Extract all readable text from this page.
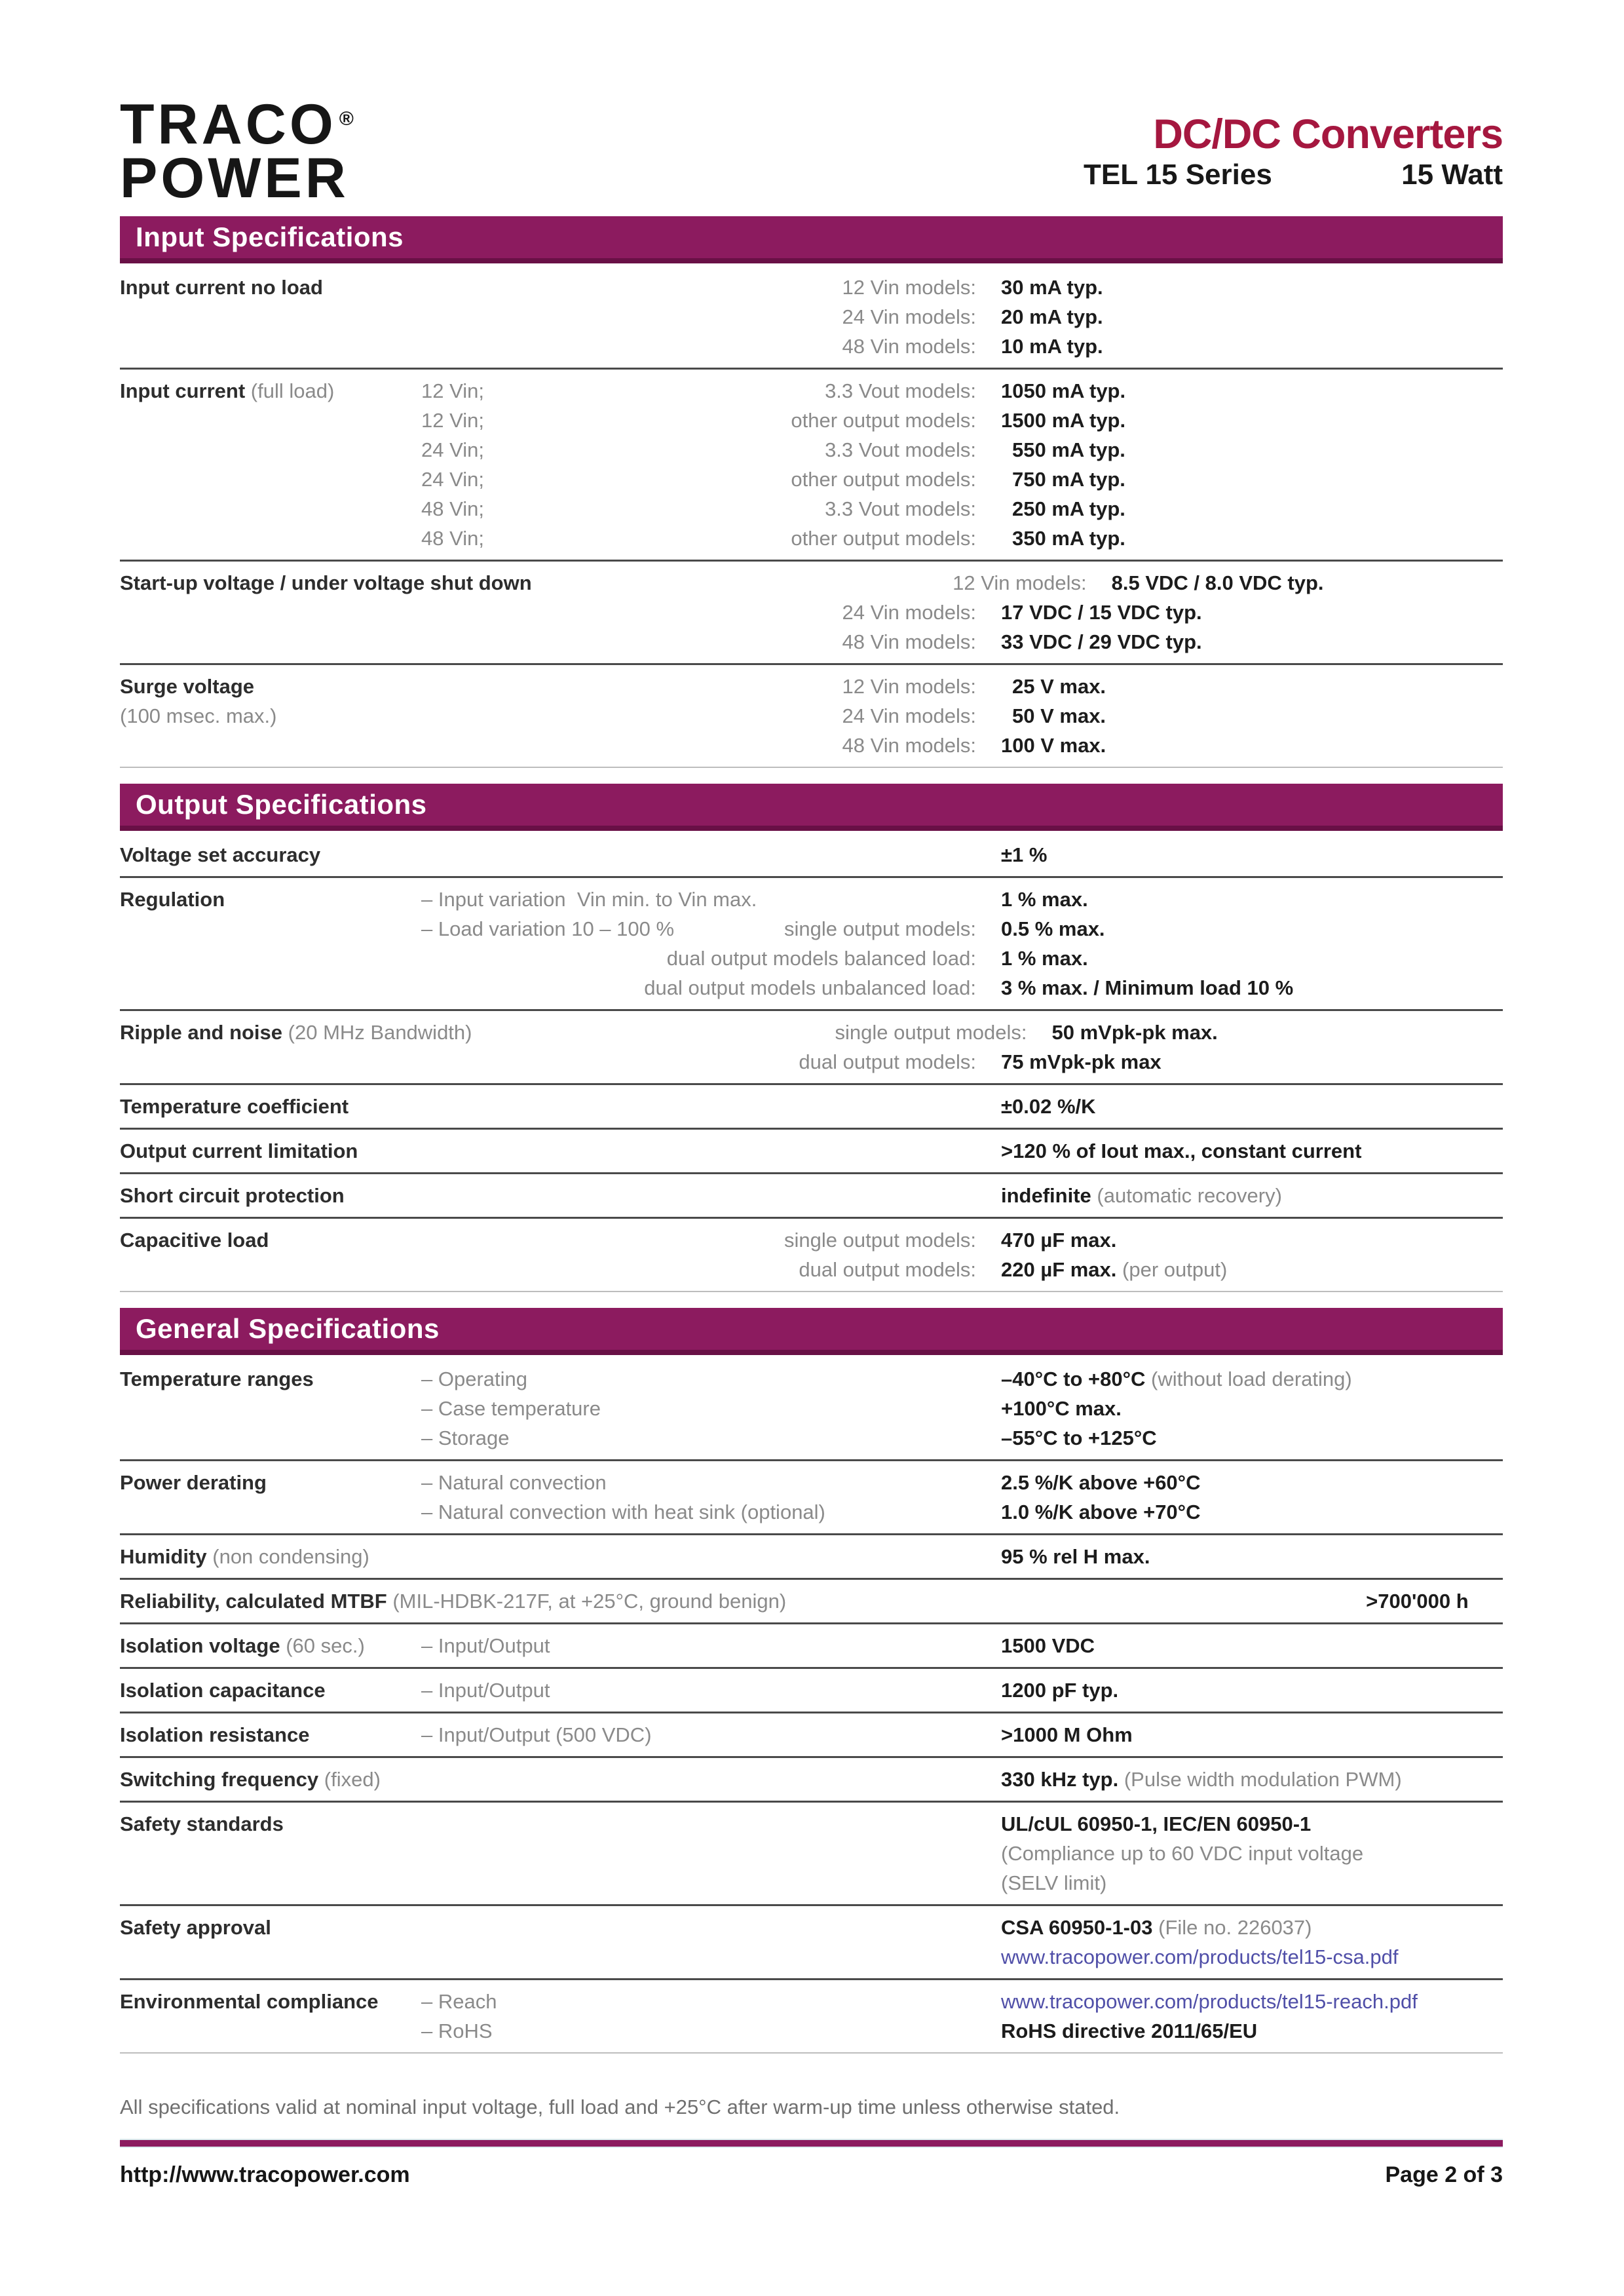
TRACO ®
POWER
DC/DC Converters
TEL 15 Series	15 Watt
Input Specifications
Input current no load	12 Vin models:	30 mA typ.
24 Vin models:	20 mA typ.
48 Vin models:	10 mA typ.
Input current (full load)	12 Vin;	3.3 Vout models:	1050 mA typ.
12 Vin;	other output models:	1500 mA typ.
24 Vin;	3.3 Vout models:	550 mA typ.
24 Vin;	other output models:	750 mA typ.
48 Vin;	3.3 Vout models:	250 mA typ.
48 Vin;	other output models:	350 mA typ.
Start-up voltage / under voltage shut down	12 Vin models:	8.5 VDC / 8.0 VDC typ.
24 Vin models:	17 VDC / 15 VDC typ.
48 Vin models:	33 VDC / 29 VDC typ.
Surge voltage	12 Vin models:	25 V max.
(100 msec. max.)	24 Vin models:	50 V max.
48 Vin models:	100 V max.
Output Specifications
Voltage set accuracy	±1 %
Regulation	– Input variation  Vin min. to Vin max.	1 % max.
– Load variation 10 – 100 %	single output models:	0.5 % max.
dual output models balanced load:	1 % max.
dual output models unbalanced load:	3 % max. / Minimum load 10 %
Ripple and noise (20 MHz Bandwidth)	single output models:	50 mVpk-pk max.
dual output models:	75 mVpk-pk max
Temperature coefficient	±0.02 %/K
Output current limitation	>120 % of Iout max., constant current
Short circuit protection	indefinite (automatic recovery)
Capacitive load	single output models:	470 µF max.
dual output models:	220 µF max. (per output)
General Specifications
Temperature ranges	– Operating	–40°C to +80°C (without load derating)
– Case temperature	+100°C max.
– Storage	–55°C to +125°C
Power derating	– Natural convection	2.5 %/K above +60°C
– Natural convection with heat sink (optional)	1.0 %/K above +70°C
Humidity (non condensing)	95 % rel H max.
Reliability, calculated MTBF (MIL-HDBK-217F, at +25°C, ground benign)	>700'000 h
Isolation voltage (60 sec.)	– Input/Output	1500 VDC
Isolation capacitance	– Input/Output	1200 pF typ.
Isolation resistance	– Input/Output (500 VDC)	>1000 M Ohm
Switching frequency (fixed)	330 kHz typ. (Pulse width modulation PWM)
Safety standards	UL/cUL 60950-1, IEC/EN 60950-1
(Compliance up to 60 VDC input voltage
(SELV limit)
Safety approval	CSA 60950-1-03 (File no. 226037)
www.tracopower.com/products/tel15-csa.pdf
Environmental compliance	– Reach	www.tracopower.com/products/tel15-reach.pdf
– RoHS	RoHS directive 2011/65/EU
All specifications valid at nominal input voltage, full load and +25°C after warm-up time unless otherwise stated.
http://www.tracopower.com	Page 2 of 3
